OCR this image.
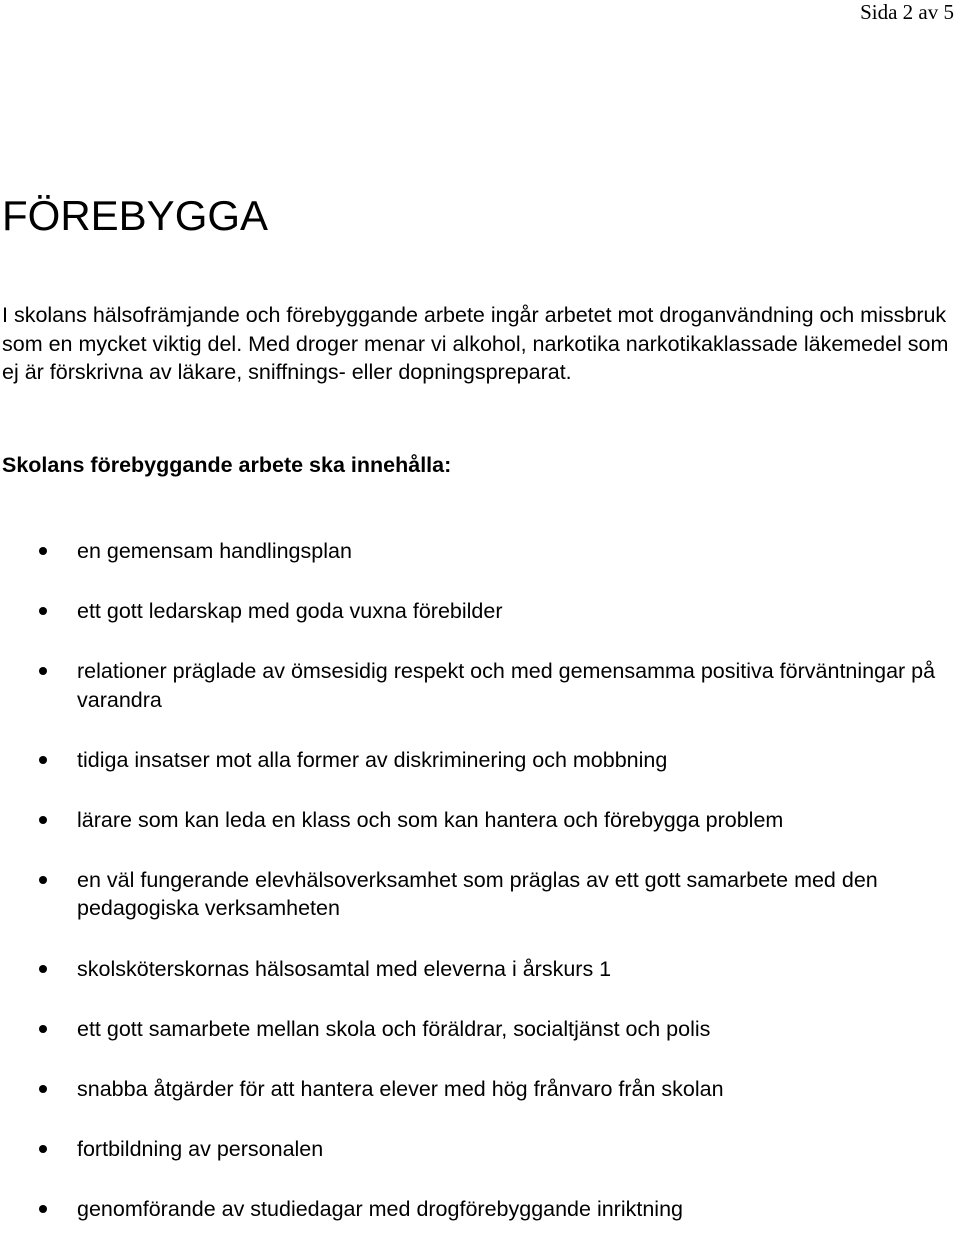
Sida 2 av 5
FÖREBYGGA

I skolans hälsofrämjande och förebyggande arbete ingår arbetet mot droganvändning och missbruk som en mycket viktig del. Med droger menar vi alkohol, narkotika narkotikaklassade läkemedel som ej är förskrivna av läkare, sniffnings- eller dopningspreparat.

Skolans förebyggande arbete ska innehålla:
en gemensam handlingsplan
ett gott ledarskap med goda vuxna förebilder
relationer präglade av ömsesidig respekt och med gemensamma positiva förväntningar på varandra
tidiga insatser mot alla former av diskriminering och mobbning
lärare som kan leda en klass och som kan hantera och förebygga problem
en väl fungerande elevhälsoverksamhet som präglas av ett gott samarbete med den pedagogiska verksamheten
skolsköterskornas hälsosamtal med eleverna i årskurs 1
ett gott samarbete mellan skola och föräldrar, socialtjänst och polis
snabba åtgärder för att hantera elever med hög frånvaro från skolan
fortbildning av personalen
genomförande av studiedagar med drogförebyggande inriktning
